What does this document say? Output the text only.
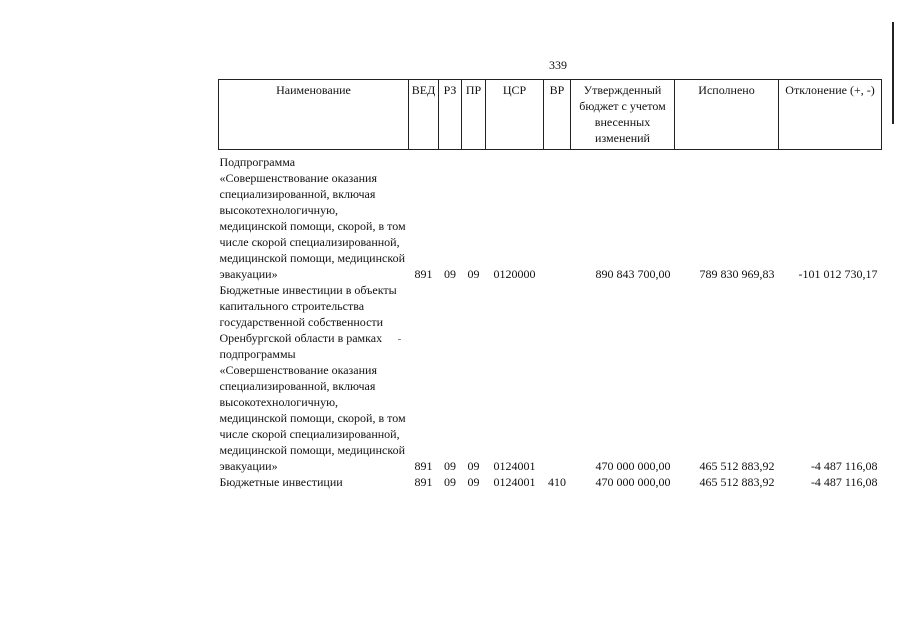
339
Наименование	ВЕД	РЗ	ПР	ЦСР	ВР	Утвержденный бюджет с учетом внесенных изменений	Исполнено	Отклонение (+, -)
Подпрограмма «Совершенствование оказания специализированной, включая высокотехнологичную, медицинской помощи, скорой, в том числе скорой специализированной, медицинской помощи, медицинской эвакуации»	891	09	09	0120000		890 843 700,00	789 830 969,83	-101 012 730,17
Бюджетные инвестиции в объекты капитального строительства государственной собственности Оренбургской области в рамках подпрограммы «Совершенствование оказания специализированной, включая высокотехнологичную, медицинской помощи, скорой, в том числе скорой специализированной, медицинской помощи, медицинской эвакуации»	891	09	09	0124001		470 000 000,00	465 512 883,92	-4 487 116,08
Бюджетные инвестиции	891	09	09	0124001	410	470 000 000,00	465 512 883,92	-4 487 116,08
